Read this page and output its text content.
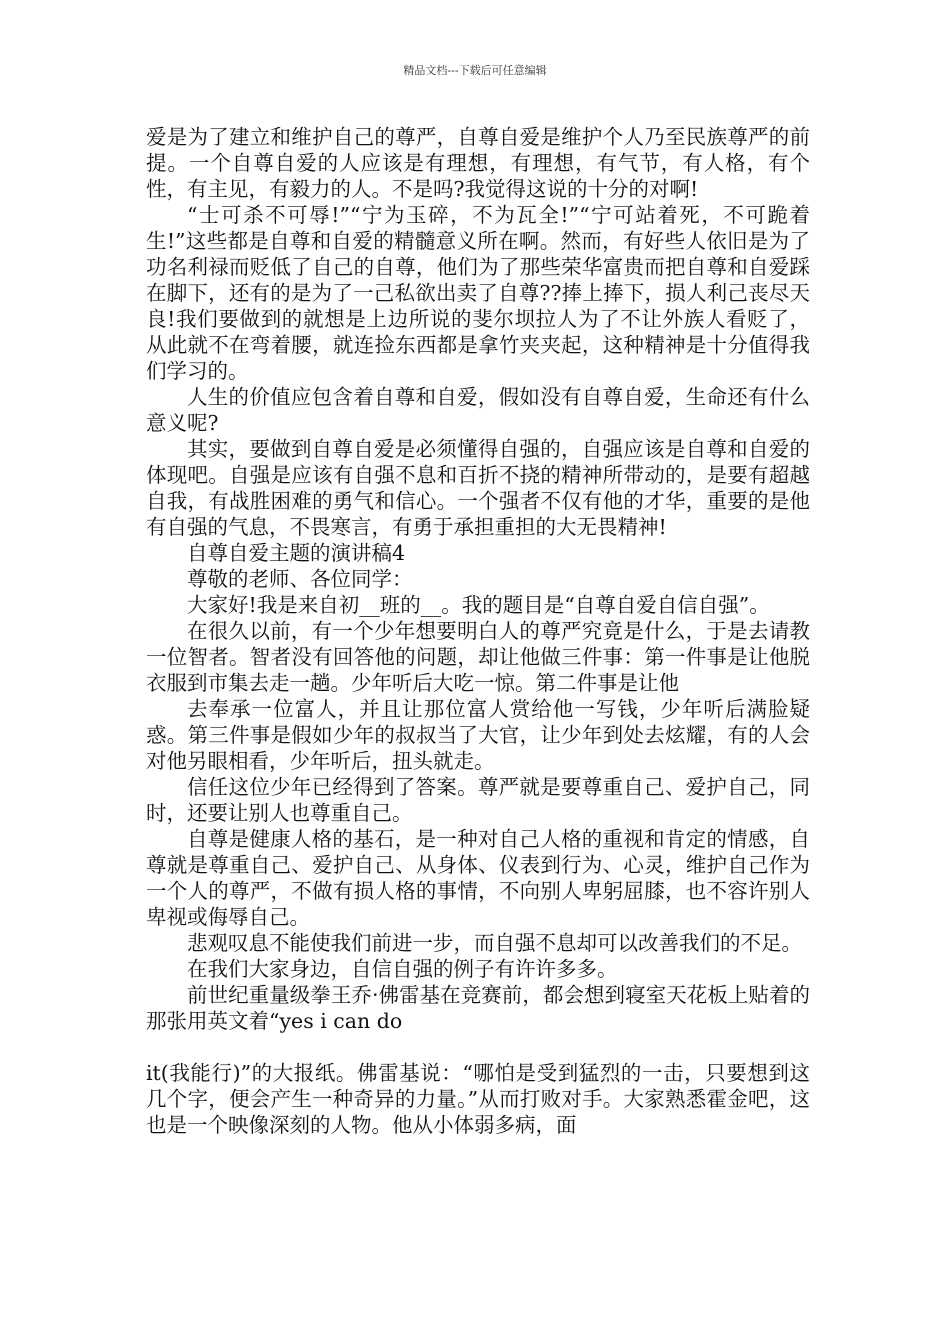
精品文档---下载后可任意编辑

爱是为了建立和维护自己的尊严，自尊自爱是维护个人乃至民族尊严的前提。一个自尊自爱的人应该是有理想，有理想，有气节，有人格，有个性，有主见，有毅力的人。不是吗?我觉得这说的十分的对啊!

“士可杀不可辱!”“宁为玉碎，不为瓦全!”“宁可站着死，不可跪着生!”这些都是自尊和自爱的精髓意义所在啊。然而，有好些人依旧是为了功名利禄而贬低了自己的自尊，他们为了那些荣华富贵而把自尊和自爱踩在脚下，还有的是为了一己私欲出卖了自尊??捧上捧下，损人利己丧尽天良!我们要做到的就想是上边所说的斐尔坝拉人为了不让外族人看贬了，从此就不在弯着腰，就连捡东西都是拿竹夹夹起，这种精神是十分值得我们学习的。

人生的价值应包含着自尊和自爱，假如没有自尊自爱，生命还有什么意义呢?

其实，要做到自尊自爱是必须懂得自强的，自强应该是自尊和自爱的体现吧。自强是应该有自强不息和百折不挠的精神所带动的，是要有超越自我，有战胜困难的勇气和信心。一个强者不仅有他的才华，重要的是他有自强的气息，不畏寒言，有勇于承担重担的大无畏精神!

自尊自爱主题的演讲稿4

尊敬的老师、各位同学：

大家好!我是来自初__班的__。我的题目是“自尊自爱自信自强”。

在很久以前，有一个少年想要明白人的尊严究竟是什么，于是去请教一位智者。智者没有回答他的问题，却让他做三件事：第一件事是让他脱衣服到市集去走一趟。少年听后大吃一惊。第二件事是让他

去奉承一位富人，并且让那位富人赏给他一写钱，少年听后满脸疑惑。第三件事是假如少年的叔叔当了大官，让少年到处去炫耀，有的人会对他另眼相看，少年听后，扭头就走。

信任这位少年已经得到了答案。尊严就是要尊重自己、爱护自己，同时，还要让别人也尊重自己。

自尊是健康人格的基石，是一种对自己人格的重视和肯定的情感，自尊就是尊重自己、爱护自己、从身体、仪表到行为、心灵，维护自己作为一个人的尊严，不做有损人格的事情，不向别人卑躬屈膝，也不容许别人卑视或侮辱自己。

悲观叹息不能使我们前进一步，而自强不息却可以改善我们的不足。

在我们大家身边，自信自强的例子有许许多多。

前世纪重量级拳王乔·佛雷基在竞赛前，都会想到寝室天花板上贴着的那张用英文着“yes i can do

it(我能行)”的大报纸。佛雷基说：“哪怕是受到猛烈的一击，只要想到这几个字，便会产生一种奇异的力量。”从而打败对手。大家熟悉霍金吧，这也是一个映像深刻的人物。他从小体弱多病，面
